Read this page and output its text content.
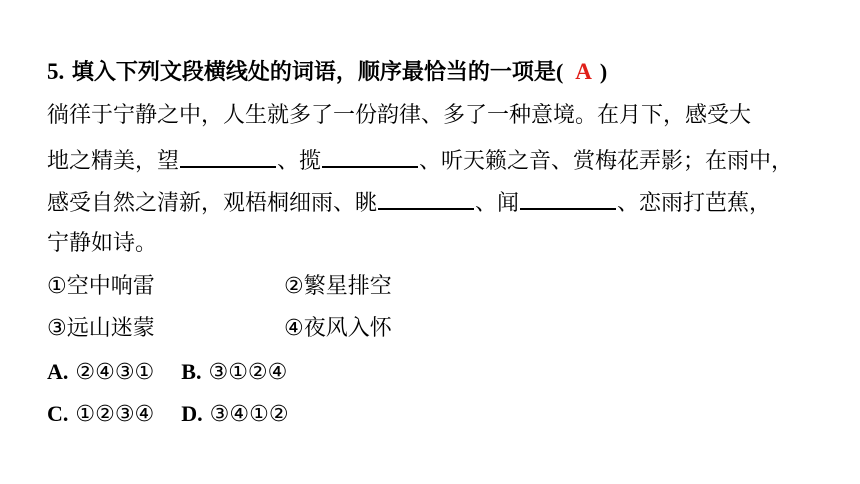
5. 填入下列文段横线处的词语，顺序最恰当的一项是( A )
徜徉于宁静之中，人生就多了一份韵律、多了一种意境。在月下，感受大
地之精美，望	、揽	、听天籁之音、赏梅花弄影；在雨中，
感受自然之清新，观梧桐细雨、眺	、闻	、恋雨打芭蕉，
宁静如诗。
①空中响雷	②繁星排空
③远山迷蒙	④夜风入怀
A. ②④③① B. ③①②④
C. ①②③④ D. ③④①②
